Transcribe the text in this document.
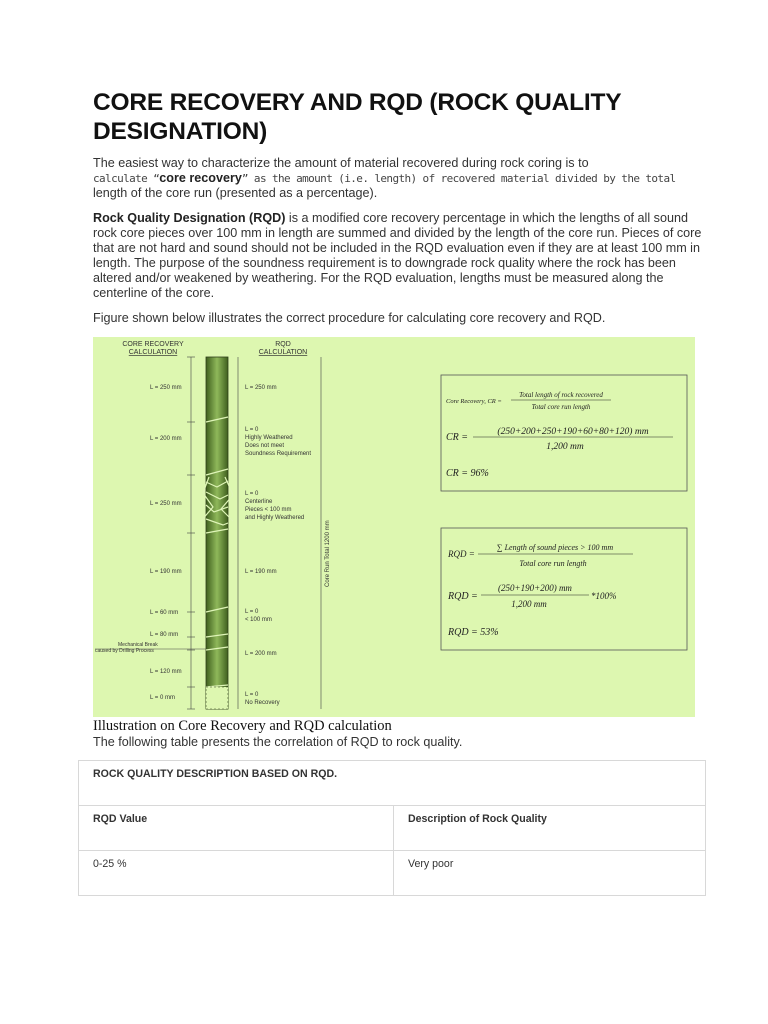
CORE RECOVERY AND RQD (ROCK QUALITY DESIGNATION)
The easiest way to characterize the amount of material recovered during rock coring is to
calculate “core recovery” as the amount (i.e. length) of recovered material divided by the total
length of the core run (presented as a percentage).
Rock Quality Designation (RQD) is a modified core recovery percentage in which the lengths of all sound rock core pieces over 100 mm in length are summed and divided by the length of the core run. Pieces of core that are not hard and sound should not be included in the RQD evaluation even if they are at least 100 mm in length. The purpose of the soundness requirement is to downgrade rock quality where the rock has been altered and/or weakened by weathering. For the RQD evaluation, lengths must be measured along the centerline of the core.
Figure shown below illustrates the correct procedure for calculating core recovery and RQD.
CORE RECOVERY
CALCULATION
RQD
CALCULATION
L = 250 mm
L = 200 mm
L = 250 mm
L = 190 mm
L = 60 mm
L = 80 mm
L = 120 mm
L = 0 mm
Mechanical Break
caused by Drilling Process
L = 250 mm
L = 0
Highly Weathered
Does not meet
Soundness Requirement
L = 0
Centerline
Pieces < 100 mm
and Highly Weathered
L = 190 mm
L = 0
< 100 mm
L = 200 mm
L = 0
No Recovery
Core Run Total 1200 mm
Core Recovery, CR =
Total length of rock recovered
Total core run length
CR =	(250+200+250+190+60+80+120) mm
1,200 mm
CR = 96%
RQD =
∑ Length of sound pieces > 100 mm
Total core run length
RQD =
(250+190+200) mm
1,200 mm
*100%
RQD = 53%
Illustration on Core Recovery and RQD calculation
The following table presents the correlation of RQD to rock quality.
ROCK QUALITY DESCRIPTION BASED ON RQD.	
RQD Value	Description of Rock Quality
0-25 %	Very poor
